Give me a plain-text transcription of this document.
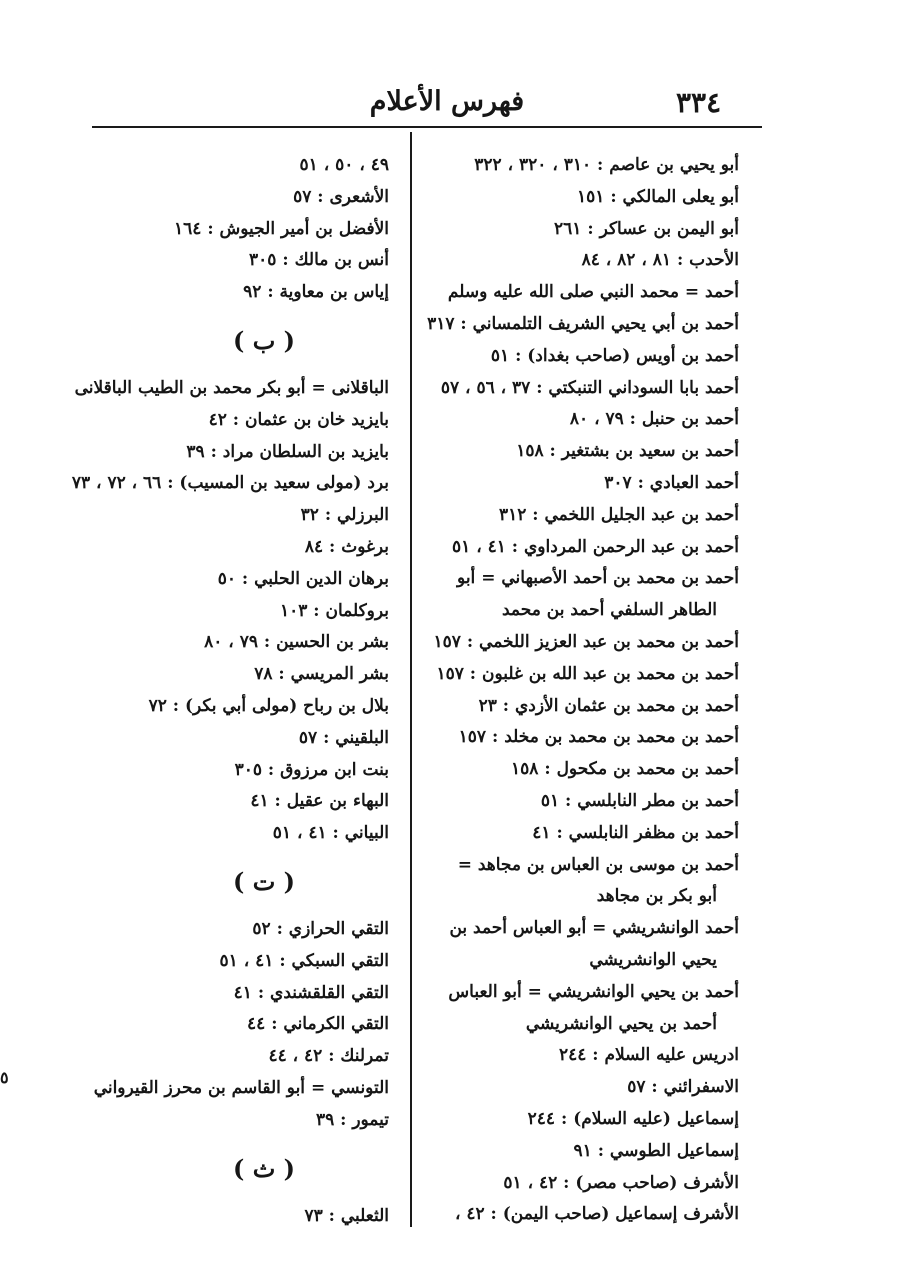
٣٣٤
فهرس الأعلام
أبو يحيي بن عاصم : ٣١٠ ، ٣٢٠ ، ٣٢٢
أبو يعلى المالكي : ١٥١
أبو اليمن بن عساكر : ٢٦١
الأحدب : ٨١ ، ٨٢ ، ٨٤
أحمد = محمد النبي صلى الله عليه وسلم
أحمد بن أبي يحيي الشريف التلمساني : ٣١٧
أحمد بن أويس (صاحب بغداد) : ٥١
أحمد بابا السوداني التنبكتي : ٣٧ ، ٥٦ ، ٥٧
أحمد بن حنبل : ٧٩ ، ٨٠
أحمد بن سعيد بن بشتغير : ١٥٨
أحمد العبادي : ٣٠٧
أحمد بن عبد الجليل اللخمي : ٣١٢
أحمد بن عبد الرحمن المرداوي : ٤١ ، ٥١
أحمد بن محمد بن أحمد الأصبهاني = أبو
الطاهر السلفي أحمد بن محمد
أحمد بن محمد بن عبد العزيز اللخمي : ١٥٧
أحمد بن محمد بن عبد الله بن غلبون : ١٥٧
أحمد بن محمد بن عثمان الأزدي : ٢٣
أحمد بن محمد بن محمد بن مخلد : ١٥٧
أحمد بن محمد بن مكحول : ١٥٨
أحمد بن مطر النابلسي : ٥١
أحمد بن مظفر النابلسي : ٤١
أحمد بن موسى بن العباس بن مجاهد =
أبو بكر بن مجاهد
أحمد الوانشريشي = أبو العباس أحمد بن
يحيي الوانشريشي
أحمد بن يحيي الوانشريشي = أبو العباس
أحمد بن يحيي الوانشريشي
ادريس عليه السلام : ٢٤٤
الاسفرائني : ٥٧
إسماعيل (عليه السلام) : ٢٤٤
إسماعيل الطوسي : ٩١
الأشرف (صاحب مصر) : ٤٢ ، ٥١
الأشرف إسماعيل (صاحب اليمن) : ٤٢ ،
٤٩ ، ٥٠ ، ٥١
الأشعرى : ٥٧
الأفضل بن أمير الجيوش : ١٦٤
أنس بن مالك : ٣٠٥
إياس بن معاوية : ٩٢
( ب )
الباقلانى = أبو بكر محمد بن الطيب الباقلانى
بايزيد خان بن عثمان : ٤٢
بايزيد بن السلطان مراد : ٣٩
برد (مولى سعيد بن المسيب) : ٦٦ ، ٧٢ ، ٧٣
البرزلي : ٣٢
برغوث : ٨٤
برهان الدين الحلبي : ٥٠
بروكلمان : ١٠٣
بشر بن الحسين : ٧٩ ، ٨٠
بشر المريسي : ٧٨
بلال بن رباح (مولى أبي بكر) : ٧٢
البلقيني : ٥٧
بنت ابن مرزوق : ٣٠٥
البهاء بن عقيل : ٤١
البياني : ٤١ ، ٥١
( ت )
التقي الحرازي : ٥٢
التقي السبكي : ٤١ ، ٥١
التقي القلقشندي : ٤١
التقي الكرماني : ٤٤
تمرلنك : ٤٢ ، ٤٤
التونسي = أبو القاسم بن محرز القيرواني
تيمور : ٣٩
( ث )
الثعلبي : ٧٣
٥
